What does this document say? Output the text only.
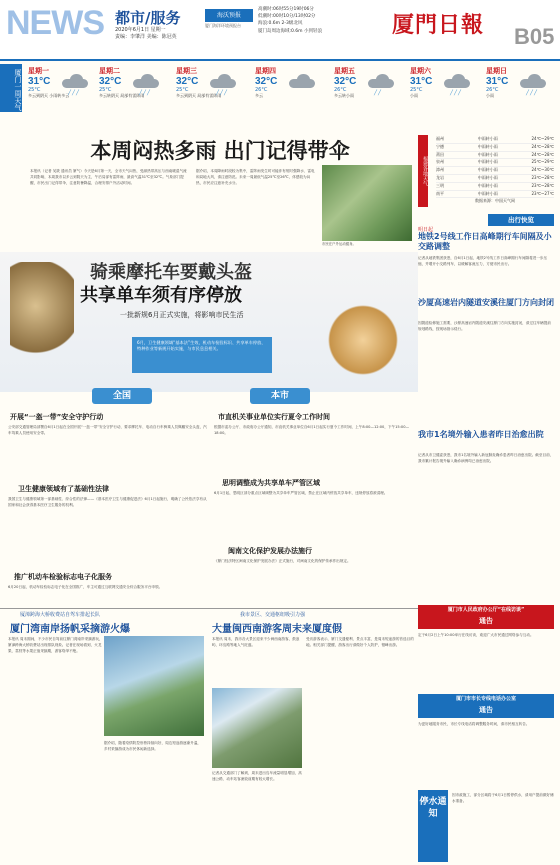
NEWS 都市/服务
2020年6月1日 星期一
责编：李肇洋 美编：陈冠英
海沃预报
厦门海洋环境预报台
高潮时:06时55分19时06分
低潮时:00时10分/13时02分
海浪:0.6m 2-3级北风
厦门岛周边海域:0.6m 小到轻浪	厦門日報 B05
厦门一周天气 星期一
31°C
25°C
多云到阴天 小雨转多云
╱╱╱
星期二
32°C
25°C
多云转阴天 局部有雷阵雨
╱╱╱
星期三
32°C
25°C
多云到阴天 局部有雷阵雨
╱╱╱
星期四
32°C
26°C
多云
星期五
32°C
26°C
多云转小雨	╱╱
星期六
31°C
25°C
小雨	╱╱╱
星期日
31°C
26°C
小雨	╱╱╱
本周闷热多雨 出门记得带伞
本报讯（记者 吴筱 通讯员 厦气）今天是6月第一天，全市天气闷热，受副热带高压与西南暖湿气流共同影响，本周我市以多云到阴天为主，午后局部有雷阵雨，最高气温31℃至32℃。气象部门提醒，市民出门记得带伞，注意防暑降温，合理安排户外活动时间。
据介绍，本周降雨时段较为集中，雷阵雨发生时可能伴有短时强降水、雷电和局地大风，请注意防范。未来一周最低气温25℃至26℃，体感较为闷热，市民应注意补充水分。
市民在户外运动健身。
福建各地天气
福州	中雨转小雨	24℃~29℃
宁德	中雨转小雨	24℃~28℃
莆田	中雨转小雨	24℃~28℃
泉州	中雨转小雨	25℃~29℃
漳州	中雨转小雨	24℃~30℃
龙岩	中雨转小雨	23℃~28℃
三明	中雨转小雨	23℃~28℃
南平	中雨转小雨	23℃~27℃
数据来源：中国天气网
出行快览
明日起
地铁2号线工作日高峰期行车间隔及小交路调整
记者从地铁集团获悉，自6月1日起，地铁2号线工作日高峰期行车间隔将进一步压缩，并增开小交路列车，以缓解客流压力，方便市民出行。
沙厦高速岩内隧道安溪往厦门方向封闭
因隧道检修施工需要，沙厦高速岩内隧道安溪往厦门方向实施封闭，请过往车辆提前规划路线，按现场指示绕行。
骑乘摩托车要戴头盔
共享单车须有序停放
一批新规6月正式实施，将影响市民生活
6月，卫生健康领域“基本法”生效，机动车检验标识、共享单车停放、特种作业等新规开始实施，与市民息息相关。
全国	本市
开展“一盔一带”安全守护行动
公安部交通管理局部署自6月1日起在全国开展“一盔一带”安全守护行动，要求摩托车、电动自行车骑乘人员佩戴安全头盔，汽车驾乘人员使用安全带。
卫生健康领域有了基础性法律
我国卫生与健康领域第一部基础性、综合性的法律——《基本医疗卫生与健康促进法》6月1日起施行，明确了公民依法享有从国家和社会获得基本医疗卫生服务的权利。
推广机动车检验标志电子化服务
6月20日起，机动车检验标志电子化在全国推广，车主可通过互联网交通安全综合服务平台申领。
市直机关事业单位实行夏令工作时间
根据市委办公厅、市政府办公厅通知，市直机关事业单位自6月1日起实行夏令工作时间，上午8:00—12:00，下午15:00—18:00。
思明调整成为共享单车严管区域
6月1日起，思明区部分重点区域调整为共享单车严管区域，禁止在区域内停放共享单车，违规停放将被清理。
闽南文化保护发展办法施行
《厦门经济特区闽南文化保护发展办法》正式施行，对闽南文化的保护传承作出规定。
我市1名境外输入患者昨日治愈出院
记者从市卫健委获悉，我市1名境外输入新冠肺炎确诊患者昨日治愈出院。截至目前，我市累计报告境外输入确诊病例均已治愈出院。
厦门市人民政府办公厅“在线访谈”
通告
定于6月2日上午10:00举行在线访谈，欢迎广大市民通过网络参与互动。
厦门市市长专线电话办公室
通告
为更好地服务市民，市长专线电话将调整服务时间，请市民相互转告。
停水通知
因市政施工，部分区域将于6月1日暂停供水，请用户提前做好储水准备。
厦漳跨海大桥收费站自驾车排起长队
厦门湾南岸扬帆采摘游火爆
本报讯 周末期间，不少市民自驾前往厦门湾南岸采摘游玩，厦漳跨海大桥收费站出现排队现象。记者在现场看到，火龙果、荔枝等水果正值采摘期，游客络绎不绝。
据介绍，随着疫情防控形势持续向好，周边短途游逐渐升温，乡村采摘游成为市民休闲新选择。
我市景区、交通枢纽吸引力强
大量闽西南游客周末来厦度假
本报讯 周末，我市各大景区迎来不少闽西南游客，鼓浪屿、环岛路等地人气旺盛。
记者从交通部门了解到，周末进出岛车流量明显增加，高速公路、动车站客流较前期有较大增长。
受访游客表示，厦门交通便利、景点丰富，是周末短途游的首选目的地。相关部门提醒，游客出行请做好个人防护，错峰出游。
